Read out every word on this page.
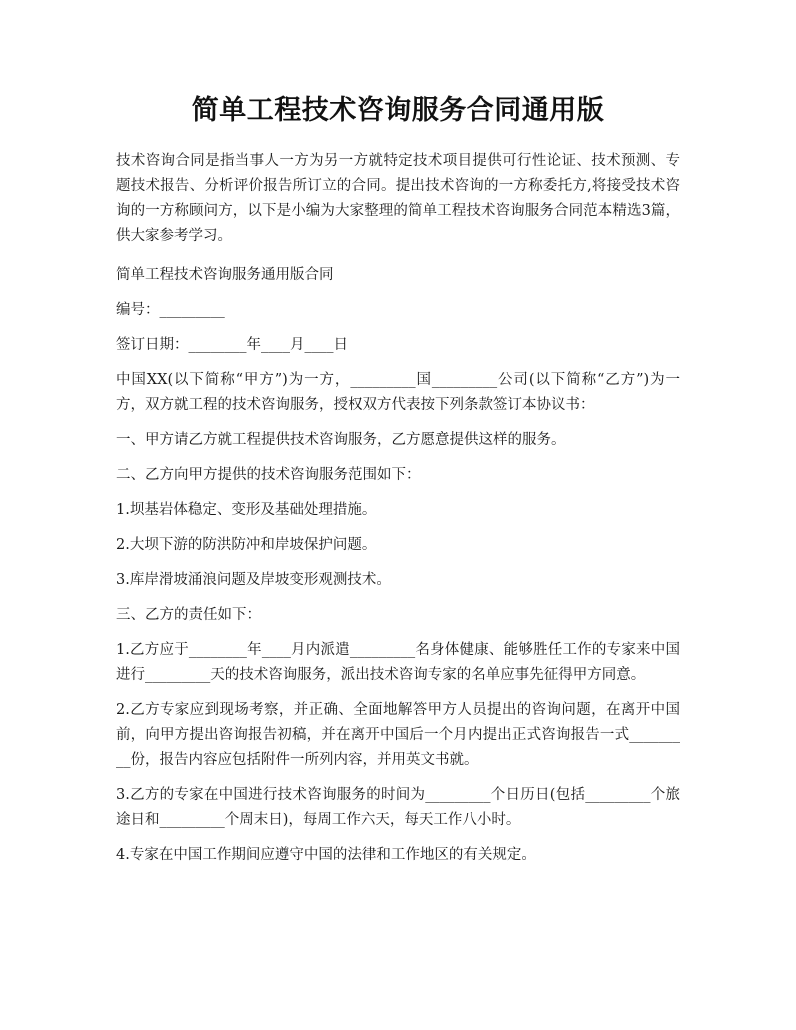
简单工程技术咨询服务合同通用版

技术咨询合同是指当事人一方为另一方就特定技术项目提供可行性论证、技术预测、专题技术报告、分析评价报告所订立的合同。提出技术咨询的一方称委托方,将接受技术咨询的一方称顾问方，以下是小编为大家整理的简单工程技术咨询服务合同范本精选3篇，供大家参考学习。

简单工程技术咨询服务通用版合同

编号：_________

签订日期：________年____月____日

中国XX(以下简称“甲方”)为一方，_________国_________公司(以下简称“乙方”)为一方，双方就工程的技术咨询服务，授权双方代表按下列条款签订本协议书：

一、甲方请乙方就工程提供技术咨询服务，乙方愿意提供这样的服务。

二、乙方向甲方提供的技术咨询服务范围如下：

1.坝基岩体稳定、变形及基础处理措施。

2.大坝下游的防洪防冲和岸坡保护问题。

3.库岸滑坡涌浪问题及岸坡变形观测技术。

三、乙方的责任如下：

1.乙方应于________年____月内派遣_________名身体健康、能够胜任工作的专家来中国进行_________天的技术咨询服务，派出技术咨询专家的名单应事先征得甲方同意。

2.乙方专家应到现场考察，并正确、全面地解答甲方人员提出的咨询问题，在离开中国前，向甲方提出咨询报告初稿，并在离开中国后一个月内提出正式咨询报告一式_________份，报告内容应包括附件一所列内容，并用英文书就。

3.乙方的专家在中国进行技术咨询服务的时间为_________个日历日(包括_________个旅途日和_________个周末日)，每周工作六天，每天工作八小时。

4.专家在中国工作期间应遵守中国的法律和工作地区的有关规定。
